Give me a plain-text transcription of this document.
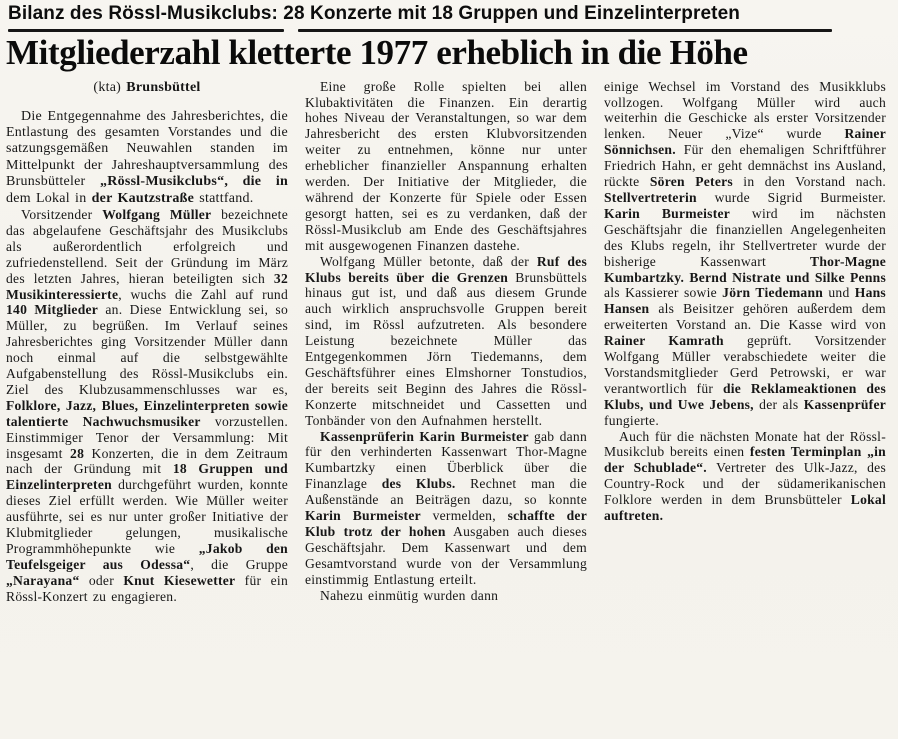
Bilanz des Rössl-Musikclubs: 28 Konzerte mit 18 Gruppen und Einzelinterpreten
Mitgliederzahl kletterte 1977 erheblich in die Höhe
(kta) Brunsbüttel

Die Entgegennahme des Jahresberichtes, die Entlastung des gesamten Vorstandes und die satzungsgemäßen Neuwahlen standen im Mittelpunkt der Jahreshauptversammlung des Brunsbütteler „Rössl-Musikclubs“, die in dem Lokal in der Kautzstraße stattfand.

Vorsitzender Wolfgang Müller bezeichnete das abgelaufene Geschäftsjahr des Musikclubs als außerordentlich erfolgreich und zufriedenstellend. Seit der Gründung im März des letzten Jahres, hieran beteiligten sich 32 Musikinteressierte, wuchs die Zahl auf rund 140 Mitglieder an. Diese Entwicklung sei, so Müller, zu begrüßen. Im Verlauf seines Jahresberichtes ging Vorsitzender Müller dann noch einmal auf die selbstgewählte Aufgabenstellung des Rössl-Musikclubs ein. Ziel des Klubzusammenschlusses war es, Folklore, Jazz, Blues, Einzelinterpreten sowie talentierte Nachwuchsmusiker vorzustellen. Einstimmiger Tenor der Versammlung: Mit insgesamt 28 Konzerten, die in dem Zeitraum nach der Gründung mit 18 Gruppen und Einzelinterpreten durchgeführt wurden, konnte dieses Ziel erfüllt werden. Wie Müller weiter ausführte, sei es nur unter großer Initiative der Klubmitglieder gelungen, musikalische Programmhöhepunkte wie „Jakob den Teufelsgeiger aus Odessa“, die Gruppe „Narayana“ oder Knut Kiesewetter für ein Rössl-Konzert zu engagieren.

Eine große Rolle spielten bei allen Klubaktivitäten die Finanzen. Ein derartig hohes Niveau der Veranstaltungen, so war dem Jahresbericht des ersten Klubvorsitzenden weiter zu entnehmen, könne nur unter erheblicher finanzieller Anspannung erhalten werden. Der Initiative der Mitglieder, die während der Konzerte für Spiele oder Essen gesorgt hatten, sei es zu verdanken, daß der Rössl-Musikclub am Ende des Geschäftsjahres mit ausgewogenen Finanzen dastehe.

Wolfgang Müller betonte, daß der Ruf des Klubs bereits über die Grenzen Brunsbüttels hinaus gut ist, und daß aus diesem Grunde auch wirklich anspruchsvolle Gruppen bereit sind, im Rössl aufzutreten. Als besondere Leistung bezeichnete Müller das Entgegenkommen Jörn Tiedemanns, dem Geschäftsführer eines Elmshorner Tonstudios, der bereits seit Beginn des Jahres die Rössl-Konzerte mitschneidet und Cassetten und Tonbänder von den Aufnahmen herstellt.

Kassenprüferin Karin Burmeister gab dann für den verhinderten Kassenwart Thor-Magne Kumbartzky einen Überblick über die Finanzlage des Klubs. Rechnet man die Außenstände an Beiträgen dazu, so konnte Karin Burmeister vermelden, schaffte der Klub trotz der hohen Ausgaben auch dieses Geschäftsjahr. Dem Kassenwart und dem Gesamtvorstand wurde von der Versammlung einstimmig Entlastung erteilt.

Nahezu einmütig wurden dann

einige Wechsel im Vorstand des Musikklubs vollzogen. Wolfgang Müller wird auch weiterhin die Geschicke als erster Vorsitzender lenken. Neuer „Vize“ wurde Rainer Sönnichsen. Für den ehemaligen Schriftführer Friedrich Hahn, er geht demnächst ins Ausland, rückte Sören Peters in den Vorstand nach. Stellvertreterin wurde Sigrid Burmeister. Karin Burmeister wird im nächsten Geschäftsjahr die finanziellen Angelegenheiten des Klubs regeln, ihr Stellvertreter wurde der bisherige Kassenwart Thor-Magne Kumbartzky. Bernd Nistrate und Silke Penns als Kassierer sowie Jörn Tiedemann und Hans Hansen als Beisitzer gehören außerdem dem erweiterten Vorstand an. Die Kasse wird von Rainer Kamrath geprüft. Vorsitzender Wolfgang Müller verabschiedete weiter die Vorstandsmitglieder Gerd Petrowski, er war verantwortlich für die Reklameaktionen des Klubs, und Uwe Jebens, der als Kassenprüfer fungierte.

Auch für die nächsten Monate hat der Rössl-Musikclub bereits einen festen Terminplan „in der Schublade“. Vertreter des Ulk-Jazz, des Country-Rock und der südamerikanischen Folklore werden in dem Brunsbütteler Lokal auftreten.
